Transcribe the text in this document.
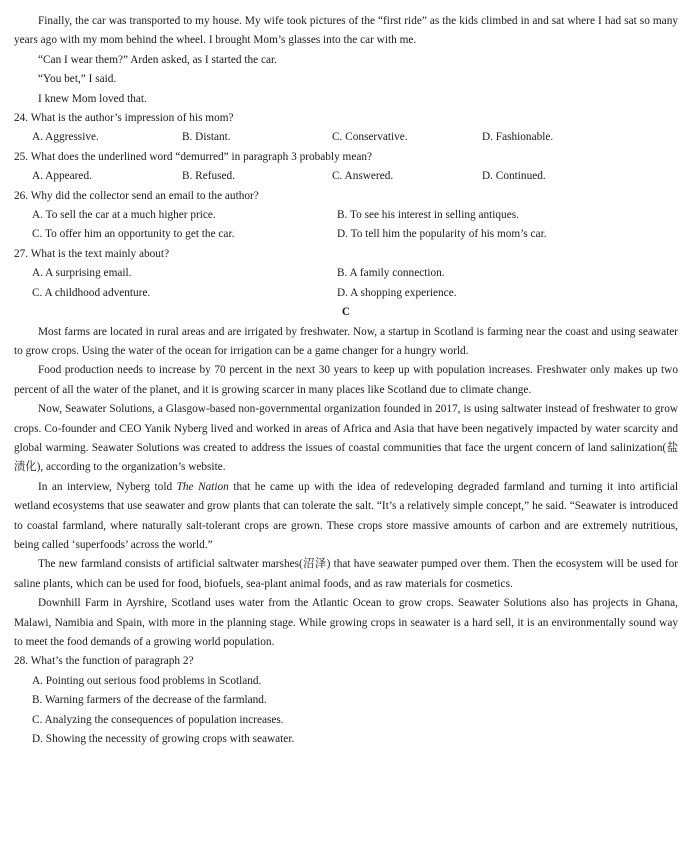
Finally, the car was transported to my house. My wife took pictures of the “first ride” as the kids climbed in and sat where I had sat so many years ago with my mom behind the wheel. I brought Mom’s glasses into the car with me.

“Can I wear them?” Arden asked, as I started the car.

“You bet,” I said.

I knew Mom loved that.

24. What is the author’s impression of his mom?

A. Aggressive.	B. Distant.	C. Conservative.	D. Fashionable.

25. What does the underlined word “demurred” in paragraph 3 probably mean?

A. Appeared.	B. Refused.	C. Answered.	D. Continued.

26. Why did the collector send an email to the author?

A. To sell the car at a much higher price.	B. To see his interest in selling antiques.
C. To offer him an opportunity to get the car.	D. To tell him the popularity of his mom’s car.

27. What is the text mainly about?

A. A surprising email.	B. A family connection.
C. A childhood adventure.	D. A shopping experience.

C

Most farms are located in rural areas and are irrigated by freshwater. Now, a startup in Scotland is farming near the coast and using seawater to grow crops. Using the water of the ocean for irrigation can be a game changer for a hungry world.

Food production needs to increase by 70 percent in the next 30 years to keep up with population increases. Freshwater only makes up two percent of all the water of the planet, and it is growing scarcer in many places like Scotland due to climate change.

Now, Seawater Solutions, a Glasgow-based non-governmental organization founded in 2017, is using saltwater instead of freshwater to grow crops. Co-founder and CEO Yanik Nyberg lived and worked in areas of Africa and Asia that have been negatively impacted by water scarcity and global warming. Seawater Solutions was created to address the issues of coastal communities that face the urgent concern of land salinization(盐渍化), according to the organization’s website.

In an interview, Nyberg told The Nation that he came up with the idea of redeveloping degraded farmland and turning it into artificial wetland ecosystems that use seawater and grow plants that can tolerate the salt. “It’s a relatively simple concept,” he said. “Seawater is introduced to coastal farmland, where naturally salt-tolerant crops are grown. These crops store massive amounts of carbon and are extremely nutritious, being called ‘superfoods’ across the world.”

The new farmland consists of artificial saltwater marshes(沼泽) that have seawater pumped over them. Then the ecosystem will be used for saline plants, which can be used for food, biofuels, sea-plant animal foods, and as raw materials for cosmetics.

Downhill Farm in Ayrshire, Scotland uses water from the Atlantic Ocean to grow crops. Seawater Solutions also has projects in Ghana, Malawi, Namibia and Spain, with more in the planning stage. While growing crops in seawater is a hard sell, it is an environmentally sound way to meet the food demands of a growing world population.

28. What’s the function of paragraph 2?

A. Pointing out serious food problems in Scotland.

B. Warning farmers of the decrease of the farmland.

C. Analyzing the consequences of population increases.

D. Showing the necessity of growing crops with seawater.
